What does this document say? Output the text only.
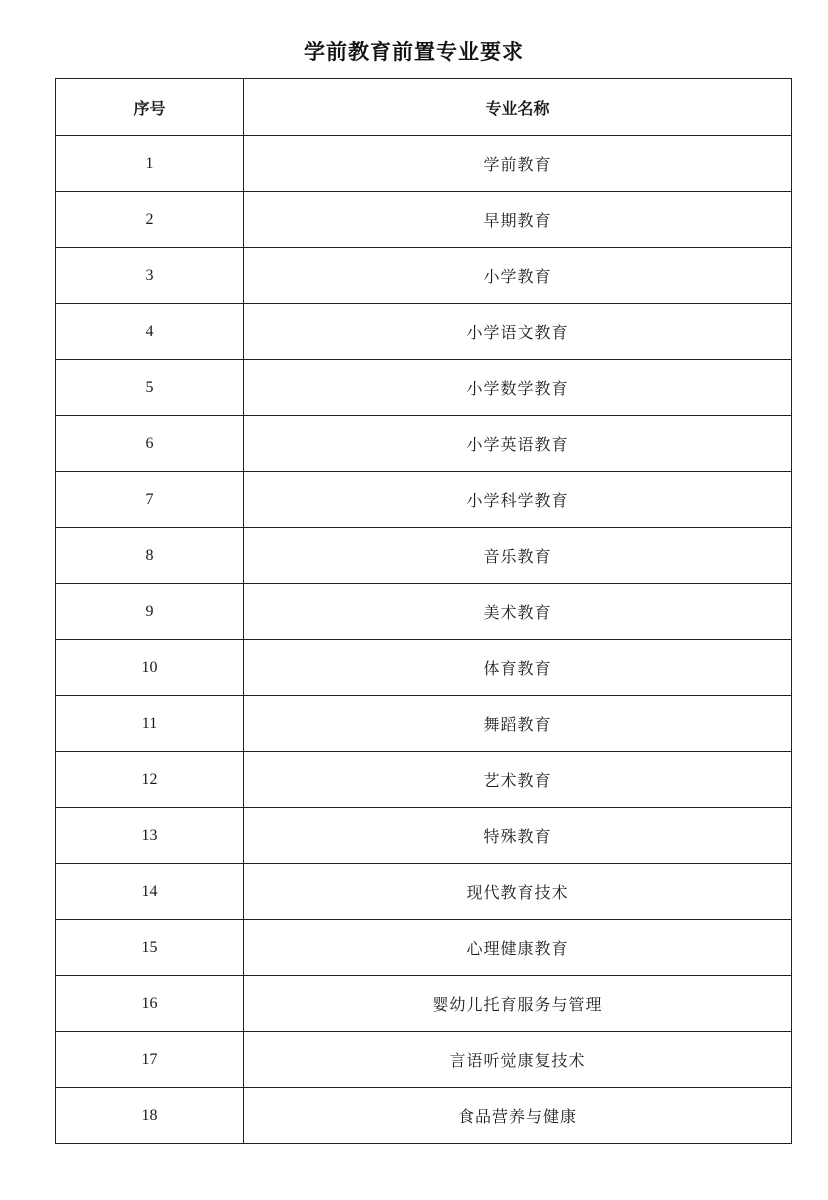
学前教育前置专业要求
序号	专业名称
1	学前教育
2	早期教育
3	小学教育
4	小学语文教育
5	小学数学教育
6	小学英语教育
7	小学科学教育
8	音乐教育
9	美术教育
10	体育教育
11	舞蹈教育
12	艺术教育
13	特殊教育
14	现代教育技术
15	心理健康教育
16	婴幼儿托育服务与管理
17	言语听觉康复技术
18	食品营养与健康
